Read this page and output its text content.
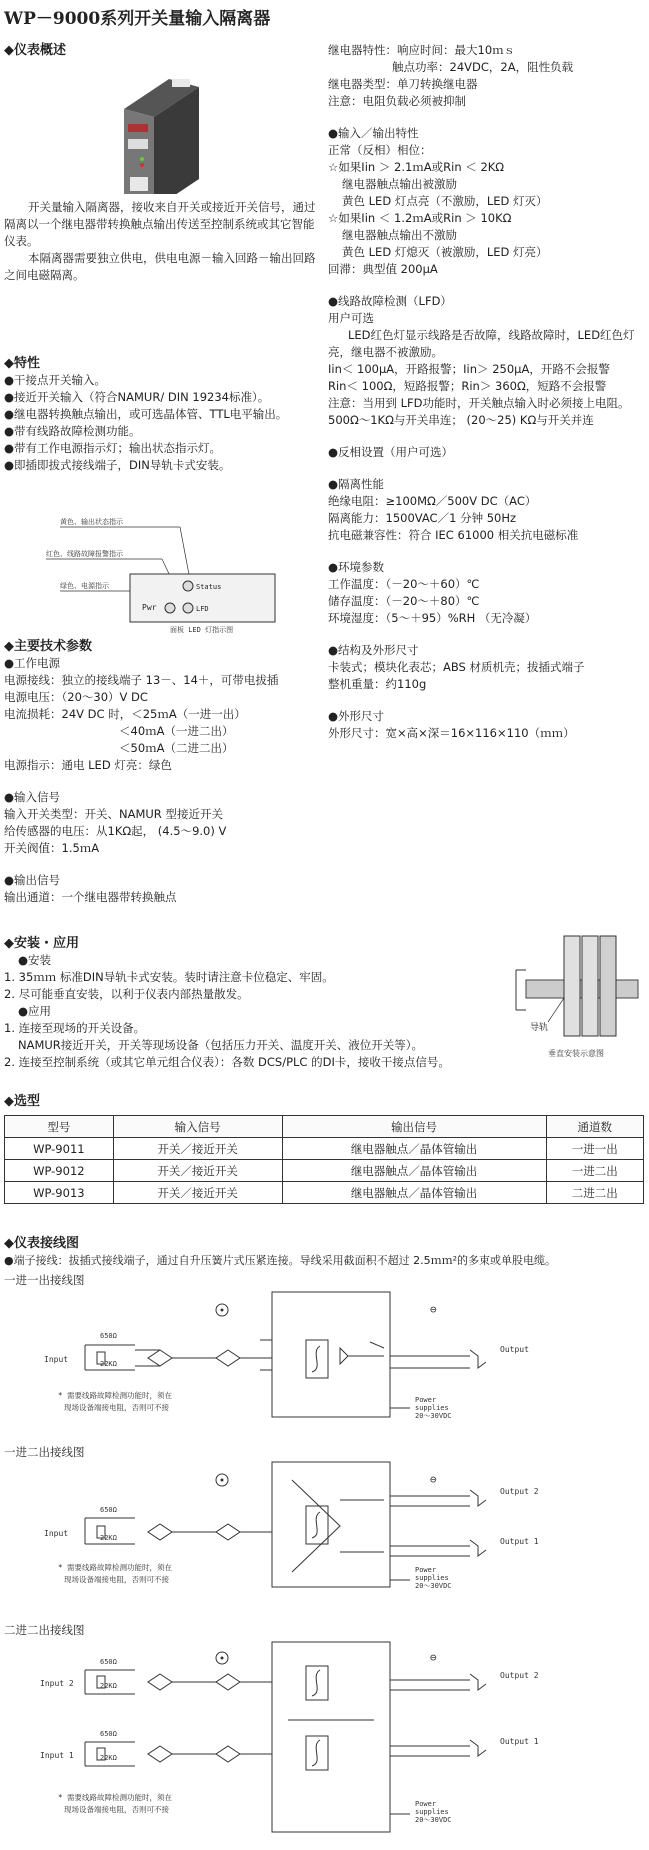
WP－9000系列开关量输入隔离器

◆ 仪表概述

开关量输入隔离器，接收来自开关或接近开关信号，通过隔离以一个继电器带转换触点输出传送至控制系统或其它智能仪表。

本隔离器需要独立供电，供电电源－输入回路－输出回路之间电磁隔离。

◆ 特性

● 干接点开关输入。

● 接近开关输入（符合NAMUR/ DIN 19234标准）。

● 继电器转换触点输出，或可选晶体管、TTL电平输出。

● 带有线路故障检测功能。

● 带有工作电源指示灯；输出状态指示灯。

● 即插即拔式接线端子，DIN导轨卡式安装。

黄色、输出状态指示
红色、线路故障报警指示
绿色、电源指示
Pwr
Status
LFD
面板 LED 灯指示图

◆ 主要技术参数

● 工作电源

电源接线：独立的接线端子 13－、14＋，可带电拔插

电源电压：（20～30）V DC

电流损耗：24V DC 时，＜25ｍA（一进一出）

＜40ｍA（一进二出）

＜50ｍA（二进二出）

电源指示：通电 LED 灯亮：绿色

● 输入信号

输入开关类型：开关、NAMUR 型接近开关

给传感器的电压：从1KΩ起， (4.5～9.0) V

开关阀值：1.5ｍA

● 输出信号

输出通道：一个继电器带转换触点

继电器特性：响应时间：最大10ｍｓ

触点功率：24VDC，2A，阻性负载

继电器类型：单刀转换继电器

注意：电阻负载必须被抑制

● 输入／输出特性

正常（反相）相位：

☆ 如果Iin ＞ 2.1ｍA或Rin ＜ 2KΩ

继电器触点输出被激励

黄色 LED 灯点亮（不激励，LED 灯灭）

☆ 如果Iin ＜ 1.2ｍA或Rin ＞ 10KΩ

继电器触点输出不激励

黄色 LED 灯熄灭（被激励，LED 灯亮）

回滞：典型值 200μA

● 线路故障检测（LFD）

用户可选

LED红色灯显示线路是否故障，线路故障时，LED红色灯亮，继电器不被激励。

Iin＜ 100μA，开路报警；Iin＞ 250μA，开路不会报警

Rin＜ 100Ω，短路报警；Rin＞ 360Ω，短路不会报警

注意：当用到 LFD功能时，开关触点输入时必须接上电阻。

500Ω～1KΩ与开关串连； (20～25) KΩ与开关并连

● 反相设置（用户可选）

● 隔离性能

绝缘电阻：≥100MΩ／500V DC（AC）

隔离能力：1500VAC／1 分钟 50Hz

抗电磁兼容性：符合 IEC 61000 相关抗电磁标准

● 环境参数

工作温度：（－20～＋60）℃

储存温度：（－20～＋80）℃

环境湿度：（5～＋95）%RH （无冷凝）

● 结构及外形尺寸

卡装式；模块化表芯；ABS 材质机壳；拔插式端子

整机重量：约110g

● 外形尺寸

外形尺寸：宽×高×深＝16×116×110（ｍｍ）

◆ 安装・应用

● 安装

1. 35ｍｍ 标准DIN导轨卡式安装。装时请注意卡位稳定、牢固。

2. 尽可能垂直安装，以利于仪表内部热量散发。

● 应用

1. 连接至现场的开关设备。

NAMUR接近开关，开关等现场设备（包括压力开关、温度开关、液位开关等）。

2. 连接至控制系统（或其它单元组合仪表）：各数 DCS/PLC 的DI卡，接收干接点信号。

导轨
垂直安装示意图

◆ 选型

型号	输入信号	输出信号	通道数
WP-9011	开关／接近开关	继电器触点／晶体管输出	一进一出
WP-9012	开关／接近开关	继电器触点／晶体管输出	一进二出
WP-9013	开关／接近开关	继电器触点／晶体管输出	二进二出

◆ 仪表接线图

● 端子接线：拔插式接线端子，通过自升压簧片式压紧连接。导线采用截面积不超过 2.5ｍｍ²的多束或单股电缆。

一进一出接线图

⊖
Input
650Ω
22KΩ
Output
Power
supplies
20～30VDC
* 需要线路故障检测功能时，须在
现场设备端接电阻，否则可不接

一进二出接线图

⊖
Input
650Ω
22KΩ
Output 2
Output 1
Power
supplies
20～30VDC
* 需要线路故障检测功能时，须在
现场设备端接电阻，否则可不接

二进二出接线图

⊖
Input 2
Input 1
650Ω
22KΩ
650Ω
22KΩ
Output 2
Output 1
Power
supplies
20～30VDC
* 需要线路故障检测功能时，须在
现场设备端接电阻，否则可不接
